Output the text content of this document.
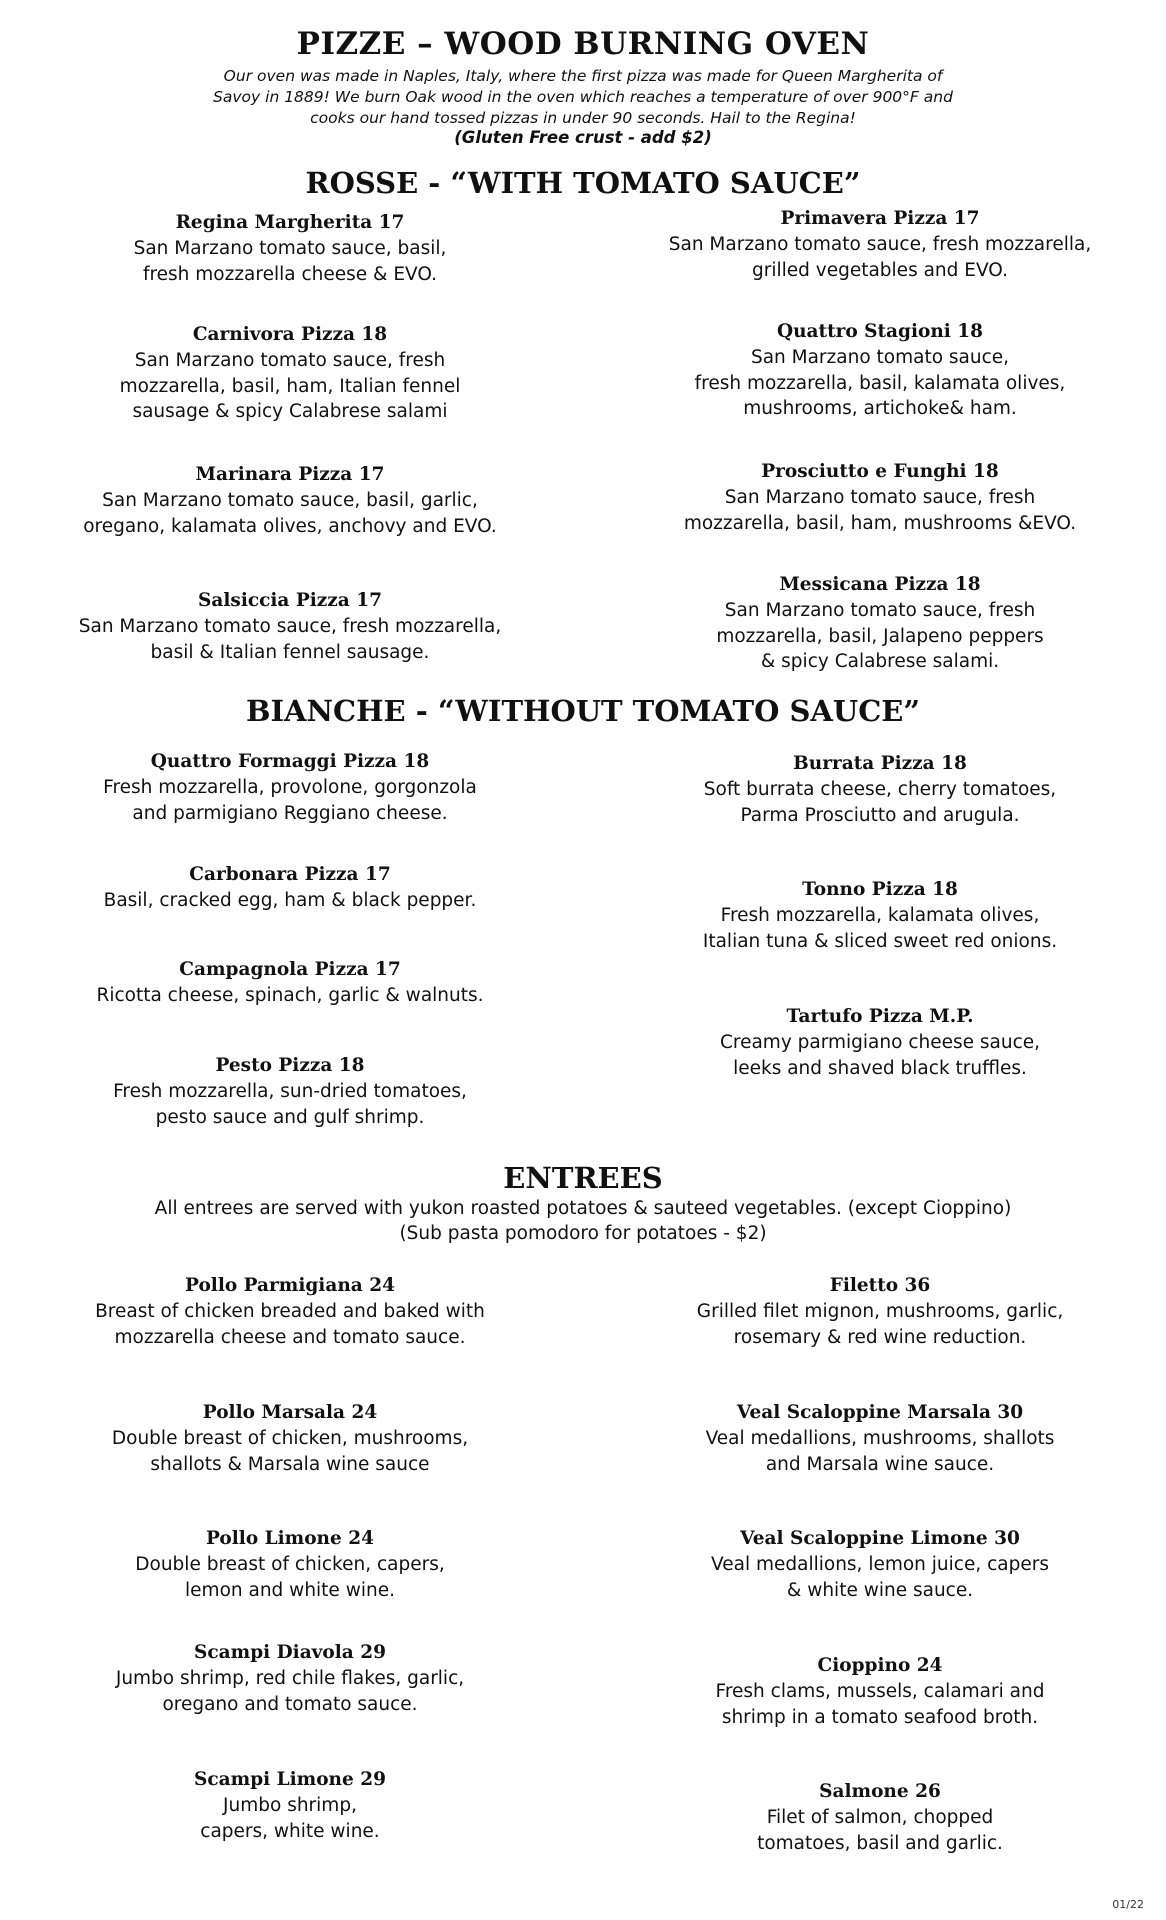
PIZZE – WOOD BURNING OVEN

Our oven was made in Naples, Italy, where the first pizza was made for Queen Margherita of
Savoy in 1889! We burn Oak wood in the oven which reaches a temperature of over 900°F and
cooks our hand tossed pizzas in under 90 seconds. Hail to the Regina!

(Gluten Free crust - add $2)

ROSSE - “WITH TOMATO SAUCE”
Regina Margherita 17
San Marzano tomato sauce, basil,
fresh mozzarella cheese & EVO.
Carnivora Pizza 18
San Marzano tomato sauce, fresh
mozzarella, basil, ham, Italian fennel
sausage & spicy Calabrese salami
Marinara Pizza 17
San Marzano tomato sauce, basil, garlic,
oregano, kalamata olives, anchovy and EVO.
Salsiccia Pizza 17
San Marzano tomato sauce, fresh mozzarella,
basil & Italian fennel sausage.
Primavera Pizza 17
San Marzano tomato sauce, fresh mozzarella,
grilled vegetables and EVO.
Quattro Stagioni 18
San Marzano tomato sauce,
fresh mozzarella, basil, kalamata olives,
mushrooms, artichoke& ham.
Prosciutto e Funghi 18
San Marzano tomato sauce, fresh
mozzarella, basil, ham, mushrooms &EVO.
Messicana Pizza 18
San Marzano tomato sauce, fresh
mozzarella, basil, Jalapeno peppers
& spicy Calabrese salami.
BIANCHE - “WITHOUT TOMATO SAUCE”
Quattro Formaggi Pizza 18
Fresh mozzarella, provolone, gorgonzola
and parmigiano Reggiano cheese.
Carbonara Pizza 17
Basil, cracked egg, ham & black pepper.
Campagnola Pizza 17
Ricotta cheese, spinach, garlic & walnuts.
Pesto Pizza 18
Fresh mozzarella, sun-dried tomatoes,
pesto sauce and gulf shrimp.
Burrata Pizza 18
Soft burrata cheese, cherry tomatoes,
Parma Prosciutto and arugula.
Tonno Pizza 18
Fresh mozzarella, kalamata olives,
Italian tuna & sliced sweet red onions.
Tartufo Pizza M.P.
Creamy parmigiano cheese sauce,
leeks and shaved black truffles.
ENTREES

All entrees are served with yukon roasted potatoes & sauteed vegetables. (except Cioppino)
(Sub pasta pomodoro for potatoes - $2)

Pollo Parmigiana 24
Breast of chicken breaded and baked with
mozzarella cheese and tomato sauce.
Pollo Marsala 24
Double breast of chicken, mushrooms,
shallots & Marsala wine sauce
Pollo Limone 24
Double breast of chicken, capers,
lemon and white wine.
Scampi Diavola 29
Jumbo shrimp, red chile flakes, garlic,
oregano and tomato sauce.
Scampi Limone 29
Jumbo shrimp,
capers, white wine.
Filetto 36
Grilled filet mignon, mushrooms, garlic,
rosemary & red wine reduction.
Veal Scaloppine Marsala 30
Veal medallions, mushrooms, shallots
and Marsala wine sauce.
Veal Scaloppine Limone 30
Veal medallions, lemon juice, capers
& white wine sauce.
Cioppino 24
Fresh clams, mussels, calamari and
shrimp in a tomato seafood broth.
Salmone 26
Filet of salmon, chopped
tomatoes, basil and garlic.
01/22
